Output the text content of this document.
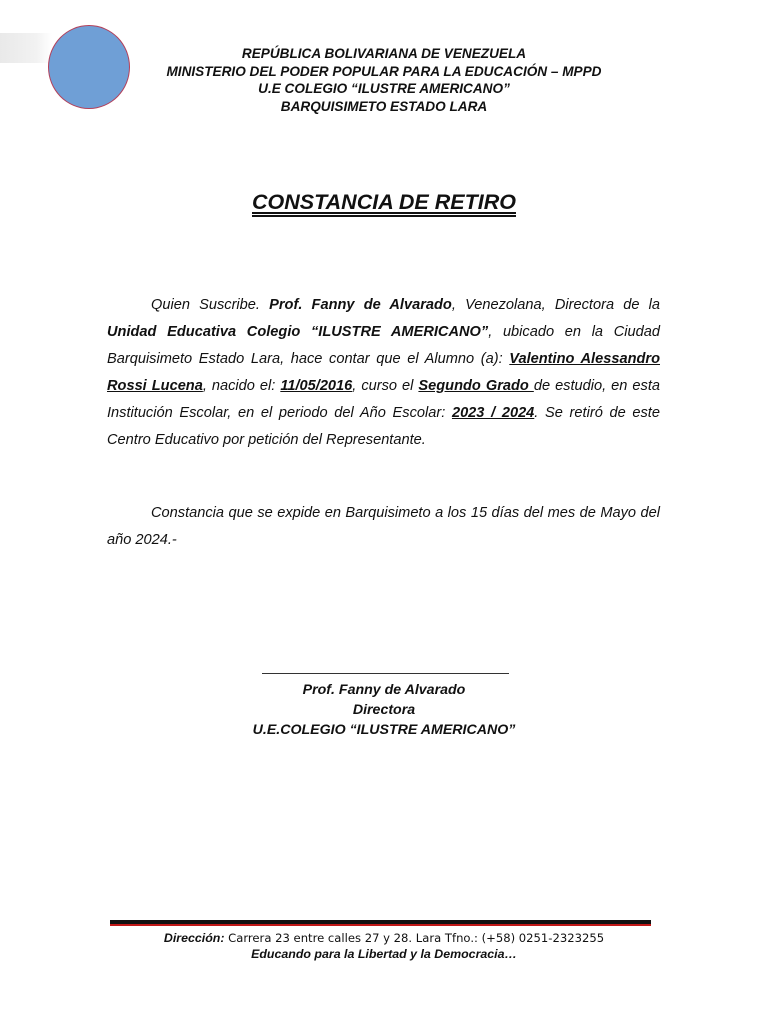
REPÚBLICA BOLIVARIANA DE VENEZUELA
MINISTERIO DEL PODER POPULAR PARA LA EDUCACIÓN – MPPD
U.E COLEGIO “ILUSTRE AMERICANO”
BARQUISIMETO ESTADO LARA
CONSTANCIA DE RETIRO
Quien Suscribe. Prof. Fanny de Alvarado, Venezolana, Directora de la Unidad Educativa Colegio “ILUSTRE AMERICANO”, ubicado en la Ciudad Barquisimeto Estado Lara, hace contar que el Alumno (a): Valentino Alessandro Rossi Lucena, nacido el: 11/05/2016, curso el Segundo Grado de estudio, en esta Institución Escolar, en el periodo del Año Escolar: 2023 / 2024. Se retiró de este Centro Educativo por petición del Representante.
Constancia que se expide en Barquisimeto a los 15 días del mes de Mayo del año 2024.-
Prof. Fanny de Alvarado
Directora
U.E.COLEGIO “ILUSTRE AMERICANO”
Dirección: Carrera 23 entre calles 27 y 28. Lara Tfno.: (+58) 0251-2323255
Educando para la Libertad y la Democracia…
